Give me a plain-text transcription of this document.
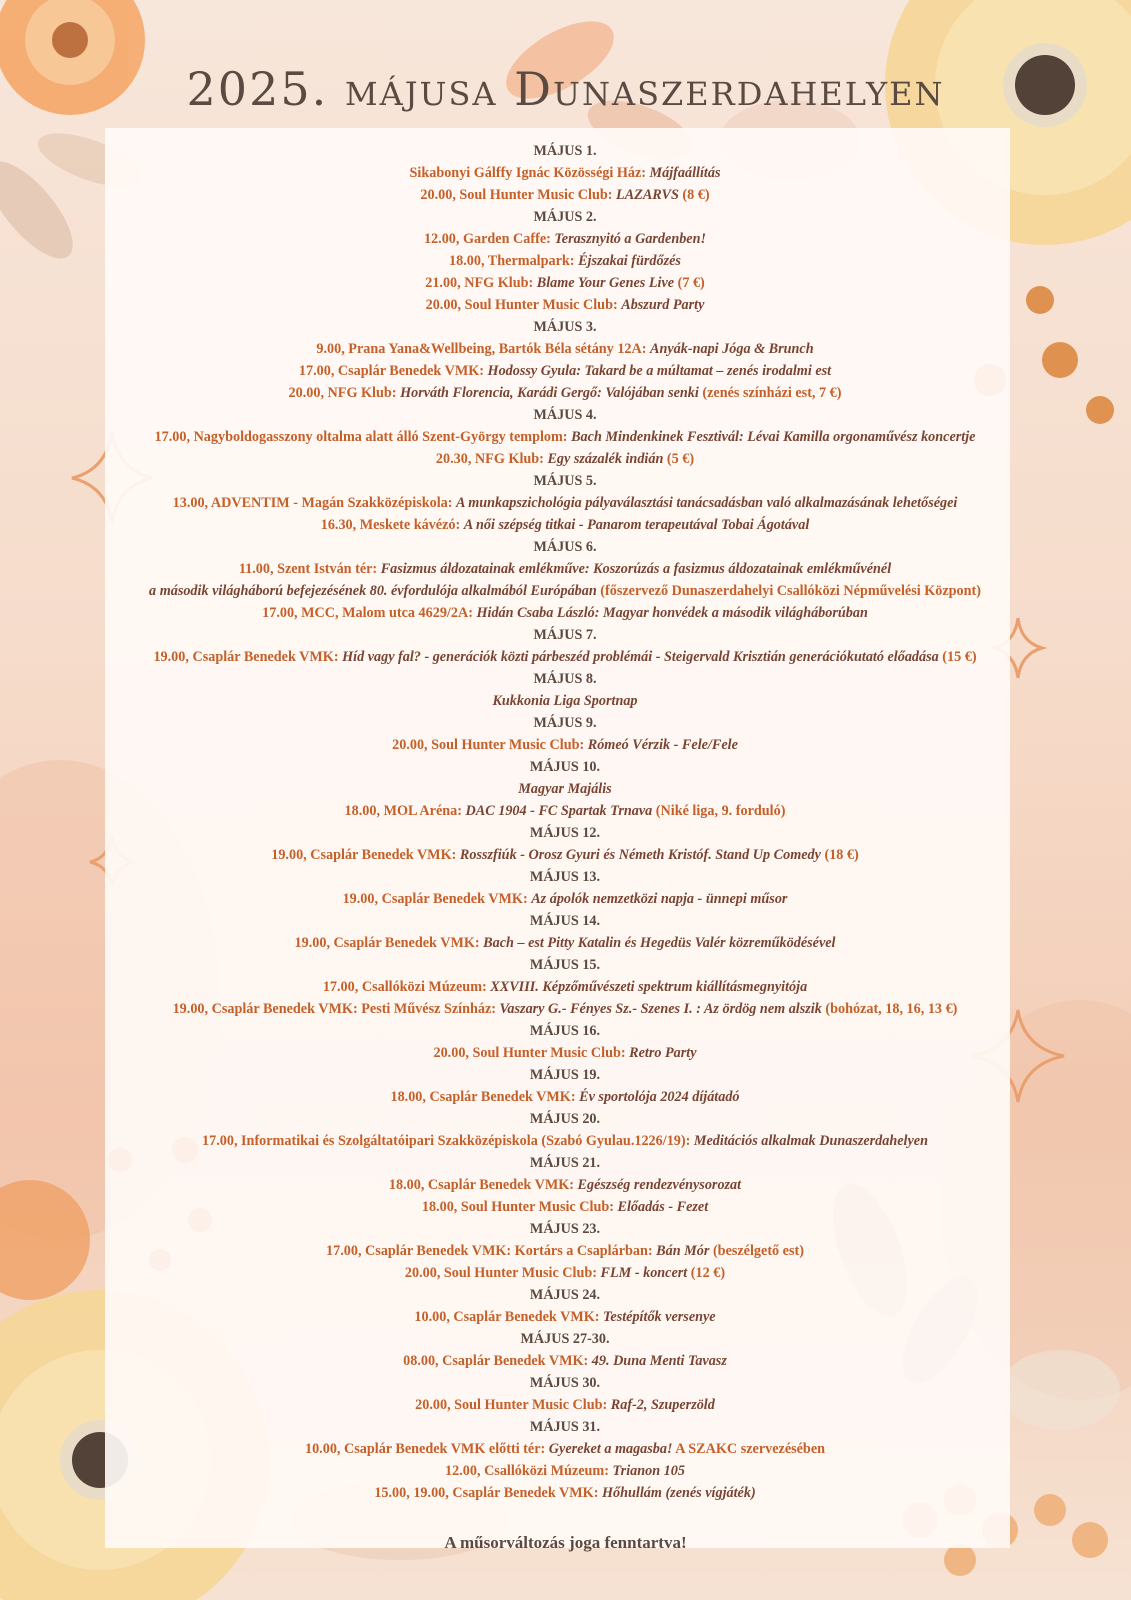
2025. májusa Dunaszerdahelyen
MÁJUS 1.
Sikabonyi Gálffy Ignác Közösségi Ház: Májfaállítás
20.00, Soul Hunter Music Club: LAZARVS (8 €)
MÁJUS 2.
12.00, Garden Caffe: Terasznyitó a Gardenben!
18.00, Thermalpark: Éjszakai fürdőzés
21.00, NFG Klub: Blame Your Genes Live (7 €)
20.00, Soul Hunter Music Club: Abszurd Party
MÁJUS 3.
9.00, Prana Yana&Wellbeing, Bartók Béla sétány 12A: Anyák-napi Jóga & Brunch
17.00, Csaplár Benedek VMK: Hodossy Gyula: Takard be a múltamat – zenés irodalmi est
20.00, NFG Klub: Horváth Florencia, Karádi Gergő: Valójában senki (zenés színházi est, 7 €)
MÁJUS 4.
17.00, Nagyboldogasszony oltalma alatt álló Szent-György templom: Bach Mindenkinek Fesztivál: Lévai Kamilla orgonaművész koncertje
20.30, NFG Klub: Egy százalék indián (5 €)
MÁJUS 5.
13.00, ADVENTIM - Magán Szakközépiskola: A munkapszichológia pályaválasztási tanácsadásban való alkalmazásának lehetőségei
16.30, Meskete kávézó: A női szépség titkai - Panarom terapeutával Tobai Ágotával
MÁJUS 6.
11.00, Szent István tér: Fasizmus áldozatainak emlékműve: Koszorúzás a fasizmus áldozatainak emlékművénél
a második világháború befejezésének 80. évfordulója alkalmából Európában (főszervező Dunaszerdahelyi Csallóközi Népművelési Központ)
17.00, MCC, Malom utca 4629/2A: Hidán Csaba László: Magyar honvédek a második világháborúban
MÁJUS 7.
19.00, Csaplár Benedek VMK: Híd vagy fal? - generációk közti párbeszéd problémái - Steigervald Krisztián generációkutató előadása (15 €)
MÁJUS 8.
Kukkonia Liga Sportnap
MÁJUS 9.
20.00, Soul Hunter Music Club: Rómeó Vérzik - Fele/Fele
MÁJUS 10.
Magyar Majális
18.00, MOL Aréna: DAC 1904 - FC Spartak Trnava (Niké liga, 9. forduló)
MÁJUS 12.
19.00, Csaplár Benedek VMK: Rosszfiúk - Orosz Gyuri és Németh Kristóf. Stand Up Comedy (18 €)
MÁJUS 13.
19.00, Csaplár Benedek VMK: Az ápolók nemzetközi napja - ünnepi műsor
MÁJUS 14.
19.00, Csaplár Benedek VMK: Bach – est Pitty Katalin és Hegedüs Valér közreműködésével
MÁJUS 15.
17.00, Csallóközi Múzeum: XXVIII. Képzőművészeti spektrum kiállításmegnyitója
19.00, Csaplár Benedek VMK: Pesti Művész Színház: Vaszary G.- Fényes Sz.- Szenes I. : Az ördög nem alszik (bohózat, 18, 16, 13 €)
MÁJUS 16.
20.00, Soul Hunter Music Club: Retro Party
MÁJUS 19.
18.00, Csaplár Benedek VMK: Év sportolója 2024 díjátadó
MÁJUS 20.
17.00, Informatikai és Szolgáltatóipari Szakközépiskola (Szabó Gyulau.1226/19): Meditációs alkalmak Dunaszerdahelyen
MÁJUS 21.
18.00, Csaplár Benedek VMK: Egészség rendezvénysorozat
18.00, Soul Hunter Music Club: Előadás - Fezet
MÁJUS 23.
17.00, Csaplár Benedek VMK: Kortárs a Csaplárban: Bán Mór (beszélgető est)
20.00, Soul Hunter Music Club: FLM - koncert (12 €)
MÁJUS 24.
10.00, Csaplár Benedek VMK: Testépítők versenye
MÁJUS 27-30.
08.00, Csaplár Benedek VMK: 49. Duna Menti Tavasz
MÁJUS 30.
20.00, Soul Hunter Music Club: Raf-2, Szuperzöld
MÁJUS 31.
10.00, Csaplár Benedek VMK előtti tér: Gyereket a magasba! A SZAKC szervezésében
12.00, Csallóközi Múzeum: Trianon 105
15.00, 19.00, Csaplár Benedek VMK: Hőhullám (zenés vígjáték)
A műsorváltozás joga fenntartva!
